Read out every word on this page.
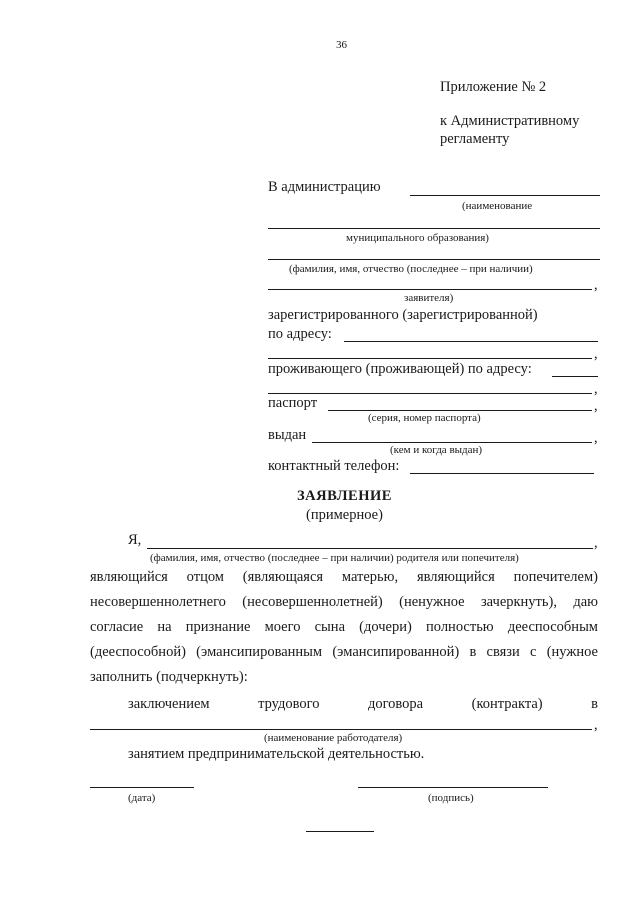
36
Приложение № 2
к Административному
регламенту
В администрацию
(наименование
муниципального образования)
(фамилия, имя, отчество (последнее – при наличии)
,
заявителя)
зарегистрированного (зарегистрированной)
по адресу:
,
проживающего (проживающей) по адресу:
,
паспорт	,
(серия, номер паспорта)
выдан	,
(кем и когда выдан)
контактный телефон:
ЗАЯВЛЕНИЕ
(примерное)
Я,	,
(фамилия, имя, отчество (последнее – при наличии) родителя или попечителя)
являющийся отцом (являющаяся матерью, являющийся попечителем)
несовершеннолетнего (несовершеннолетней) (ненужное зачеркнуть), даю
согласие на признание моего сына (дочери) полностью дееспособным
(дееспособной) (эмансипированным (эмансипированной) в связи с (нужное
заполнить (подчеркнуть):
заключением	трудового	договора	(контракта)	в
,
(наименование работодателя)
занятием предпринимательской деятельностью.
(дата)	(подпись)
